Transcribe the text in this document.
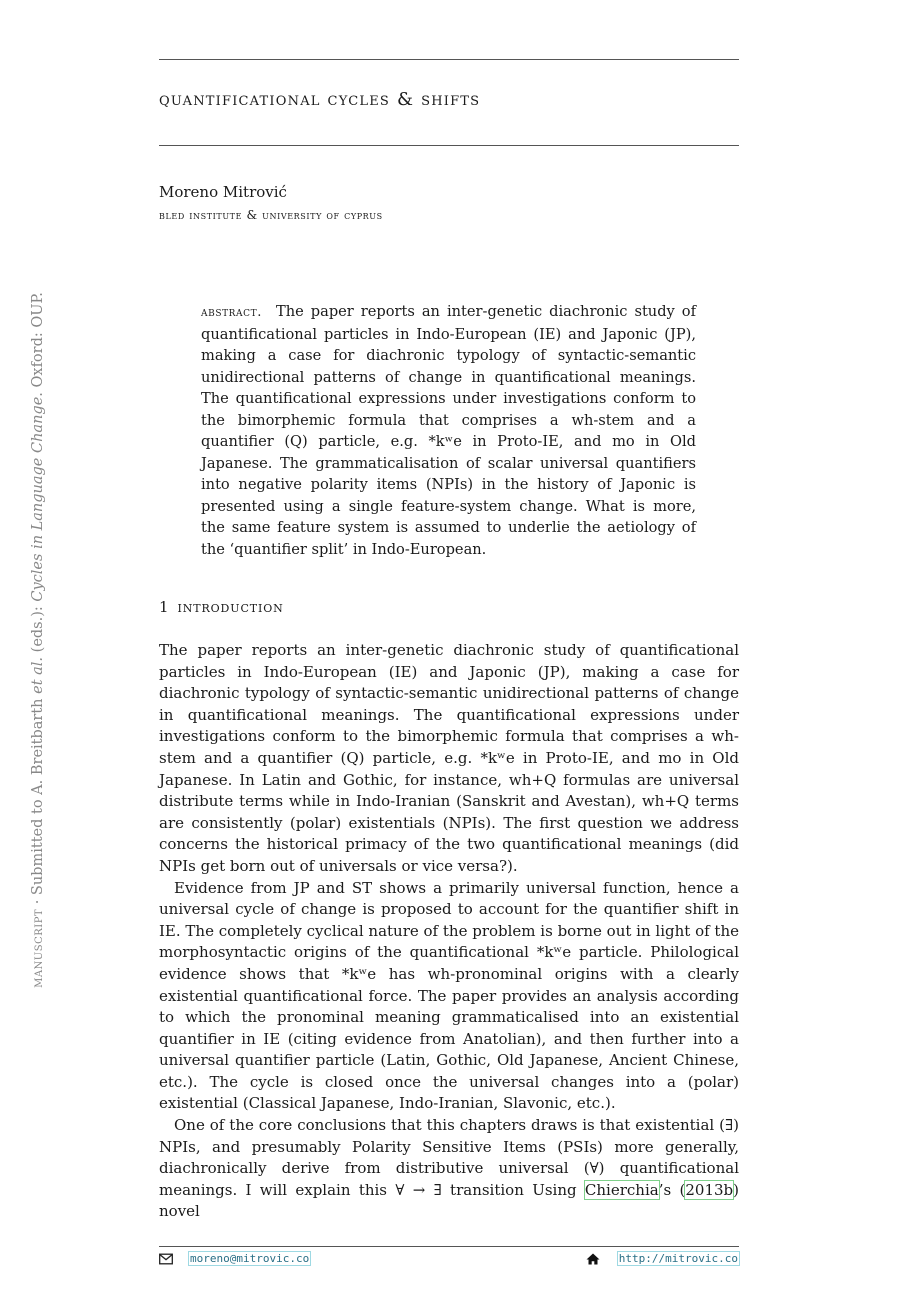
quantificational cycles & shifts
Moreno Mitrović
bled institute & university of cyprus
manuscript · Submitted to A. Breitbarth et al. (eds.): Cycles in Language Change. Oxford: OUP.	abstract. The paper reports an inter-genetic diachronic study of quantificational particles in Indo-European (IE) and Japonic (JP), making a case for diachronic typology of syntactic-semantic unidirectional patterns of change in quantificational meanings. The quantificational expressions under investigations conform to the bimorphemic formula that comprises a wh-stem and a quantifier (Q) particle, e.g. *kʷe in Proto-IE, and mo in Old Japanese. The grammaticalisation of scalar universal quantifiers into negative polarity items (NPIs) in the history of Japonic is presented using a single feature-system change. What is more, the same feature system is assumed to underlie the aetiology of the ‘quantifier split’ in Indo-European.
1 introduction

The paper reports an inter-genetic diachronic study of quantificational particles in Indo-European (IE) and Japonic (JP), making a case for diachronic typology of syntactic-semantic unidirectional patterns of change in quantificational meanings. The quantificational expressions under investigations conform to the bimorphemic formula that comprises a wh-stem and a quantifier (Q) particle, e.g. *kʷe in Proto-IE, and mo in Old Japanese. In Latin and Gothic, for instance, wh+Q formulas are universal distribute terms while in Indo-Iranian (Sanskrit and Avestan), wh+Q terms are consistently (polar) existentials (NPIs). The first question we address concerns the historical primacy of the two quantificational meanings (did NPIs get born out of universals or vice versa?).

Evidence from JP and ST shows a primarily universal function, hence a universal cycle of change is proposed to account for the quantifier shift in IE. The completely cyclical nature of the problem is borne out in light of the morphosyntactic origins of the quantificational *kʷe particle. Philological evidence shows that *kʷe has wh-pronominal origins with a clearly existential quantificational force. The paper provides an analysis according to which the pronominal meaning grammaticalised into an existential quantifier in IE (citing evidence from Anatolian), and then further into a universal quantifier particle (Latin, Gothic, Old Japanese, Ancient Chinese, etc.). The cycle is closed once the universal changes into a (polar) existential (Classical Japanese, Indo-Iranian, Slavonic, etc.).

One of the core conclusions that this chapters draws is that existential (∃) NPIs, and presumably Polarity Sensitive Items (PSIs) more generally, diachronically derive from distributive universal (∀) quantificational meanings. I will explain this ∀ → ∃ transition Using Chierchia’s (2013b) novel

moreno@mitrovic.co	http://mitrovic.co
